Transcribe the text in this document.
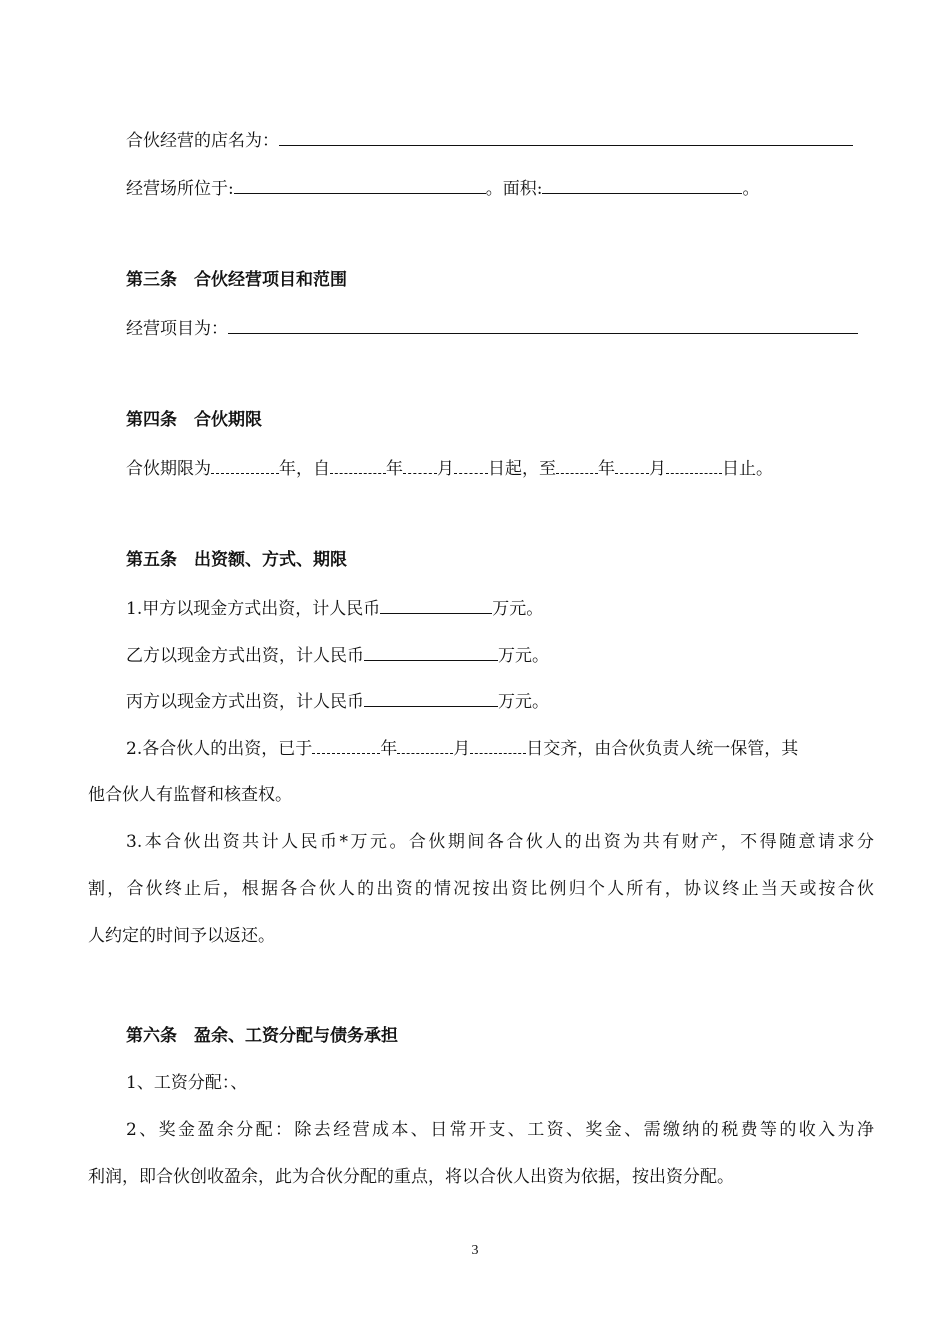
合伙经营的店名为：
经营场所位于:	。面积:	。
第三条　合伙经营项目和范围
经营项目为：
第四条　合伙期限
合伙期限为	年，自	年 月 日起，至 年 月	日止。
第五条　出资额、方式、期限
1.甲方以现金方式出资，计人民币	万元。
乙方以现金方式出资，计人民币	万元。
丙方以现金方式出资，计人民币	万元。
2.各合伙人的出资，已于	年	月	日交齐，由合伙负责人统一保管，其
他合伙人有监督和核查权。
3.本合伙出资共计人民币*万元。合伙期间各合伙人的出资为共有财产，不得随意请求分
割，合伙终止后，根据各合伙人的出资的情况按出资比例归个人所有，协议终止当天或按合伙
人约定的时间予以返还。
第六条　盈余、工资分配与债务承担
1、工资分配：、
2、奖金盈余分配：除去经营成本、日常开支、工资、奖金、需缴纳的税费等的收入为净
利润，即合伙创收盈余，此为合伙分配的重点，将以合伙人出资为依据，按出资分配。
3
